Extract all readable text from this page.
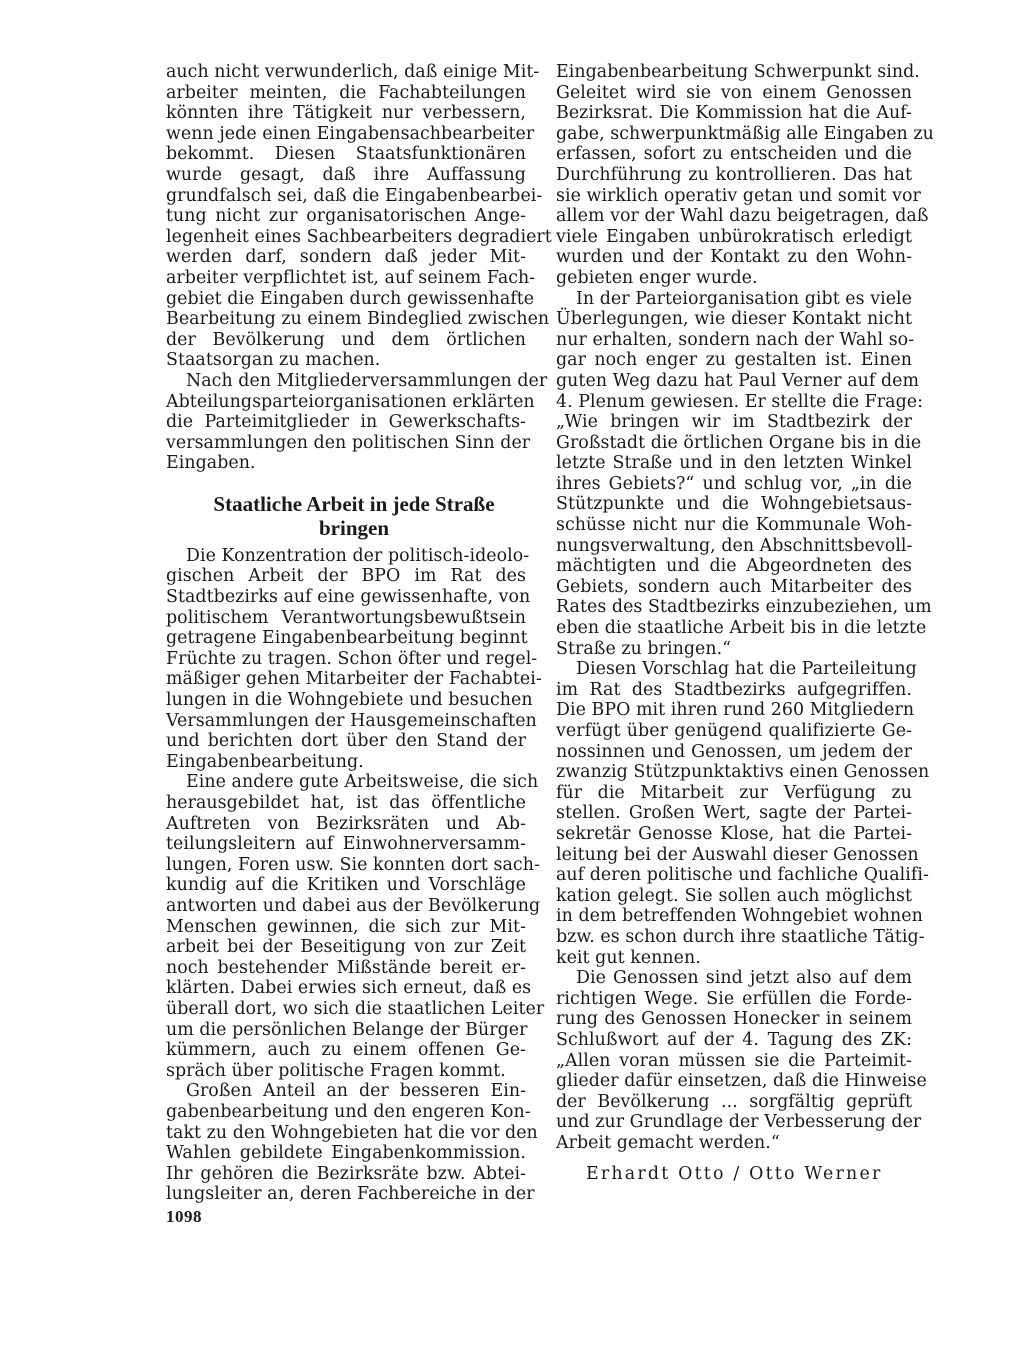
auch nicht verwunderlich, daß einige Mit-
arbeiter meinten, die Fachabteilungen
könnten ihre Tätigkeit nur verbessern,
wenn jede einen Eingabensachbearbeiter
bekommt. Diesen Staatsfunktionären
wurde gesagt, daß ihre Auffassung
grundfalsch sei, daß die Eingabenbearbei-
tung nicht zur organisatorischen Ange-
legenheit eines Sachbearbeiters degradiert
werden darf, sondern daß jeder Mit-
arbeiter verpflichtet ist, auf seinem Fach-
gebiet die Eingaben durch gewissenhafte
Bearbeitung zu einem Bindeglied zwischen
der Bevölkerung und dem örtlichen
Staatsorgan zu machen.
Nach den Mitgliederversammlungen der
Abteilungsparteiorganisationen erklärten
die Parteimitglieder in Gewerkschafts-
versammlungen den politischen Sinn der
Eingaben.
Staatliche Arbeit in jede Straße
bringen
Die Konzentration der politisch-ideolo-
gischen Arbeit der BPO im Rat des
Stadtbezirks auf eine gewissenhafte, von
politischem Verantwortungsbewußtsein
getragene Eingabenbearbeitung beginnt
Früchte zu tragen. Schon öfter und regel-
mäßiger gehen Mitarbeiter der Fachabtei-
lungen in die Wohngebiete und besuchen
Versammlungen der Hausgemeinschaften
und berichten dort über den Stand der
Eingabenbearbeitung.
Eine andere gute Arbeitsweise, die sich
herausgebildet hat, ist das öffentliche
Auftreten von Bezirksräten und Ab-
teilungsleitern auf Einwohnerversamm-
lungen, Foren usw. Sie konnten dort sach-
kundig auf die Kritiken und Vorschläge
antworten und dabei aus der Bevölkerung
Menschen gewinnen, die sich zur Mit-
arbeit bei der Beseitigung von zur Zeit
noch bestehender Mißstände bereit er-
klärten. Dabei erwies sich erneut, daß es
überall dort, wo sich die staatlichen Leiter
um die persönlichen Belange der Bürger
kümmern, auch zu einem offenen Ge-
spräch über politische Fragen kommt.
Großen Anteil an der besseren Ein-
gabenbearbeitung und den engeren Kon-
takt zu den Wohngebieten hat die vor den
Wahlen gebildete Eingabenkommission.
Ihr gehören die Bezirksräte bzw. Abtei-
lungsleiter an, deren Fachbereiche in der
Eingabenbearbeitung Schwerpunkt sind.
Geleitet wird sie von einem Genossen
Bezirksrat. Die Kommission hat die Auf-
gabe, schwerpunktmäßig alle Eingaben zu
erfassen, sofort zu entscheiden und die
Durchführung zu kontrollieren. Das hat
sie wirklich operativ getan und somit vor
allem vor der Wahl dazu beigetragen, daß
viele Eingaben unbürokratisch erledigt
wurden und der Kontakt zu den Wohn-
gebieten enger wurde.
In der Parteiorganisation gibt es viele
Überlegungen, wie dieser Kontakt nicht
nur erhalten, sondern nach der Wahl so-
gar noch enger zu gestalten ist. Einen
guten Weg dazu hat Paul Verner auf dem
4. Plenum gewiesen. Er stellte die Frage:
„Wie bringen wir im Stadtbezirk der
Großstadt die örtlichen Organe bis in die
letzte Straße und in den letzten Winkel
ihres Gebiets?“ und schlug vor, „in die
Stützpunkte und die Wohngebietsaus-
schüsse nicht nur die Kommunale Woh-
nungsverwaltung, den Abschnittsbevoll-
mächtigten und die Abgeordneten des
Gebiets, sondern auch Mitarbeiter des
Rates des Stadtbezirks einzubeziehen, um
eben die staatliche Arbeit bis in die letzte
Straße zu bringen.“
Diesen Vorschlag hat die Parteileitung
im Rat des Stadtbezirks aufgegriffen.
Die BPO mit ihren rund 260 Mitgliedern
verfügt über genügend qualifizierte Ge-
nossinnen und Genossen, um jedem der
zwanzig Stützpunktaktivs einen Genossen
für die Mitarbeit zur Verfügung zu
stellen. Großen Wert, sagte der Partei-
sekretär Genosse Klose, hat die Partei-
leitung bei der Auswahl dieser Genossen
auf deren politische und fachliche Qualifi-
kation gelegt. Sie sollen auch möglichst
in dem betreffenden Wohngebiet wohnen
bzw. es schon durch ihre staatliche Tätig-
keit gut kennen.
Die Genossen sind jetzt also auf dem
richtigen Wege. Sie erfüllen die Forde-
rung des Genossen Honecker in seinem
Schlußwort auf der 4. Tagung des ZK:
„Allen voran müssen sie die Parteimit-
glieder dafür einsetzen, daß die Hinweise
der Bevölkerung ... sorgfältig geprüft
und zur Grundlage der Verbesserung der
Arbeit gemacht werden.“
Erhardt Otto / Otto Werner
1098
